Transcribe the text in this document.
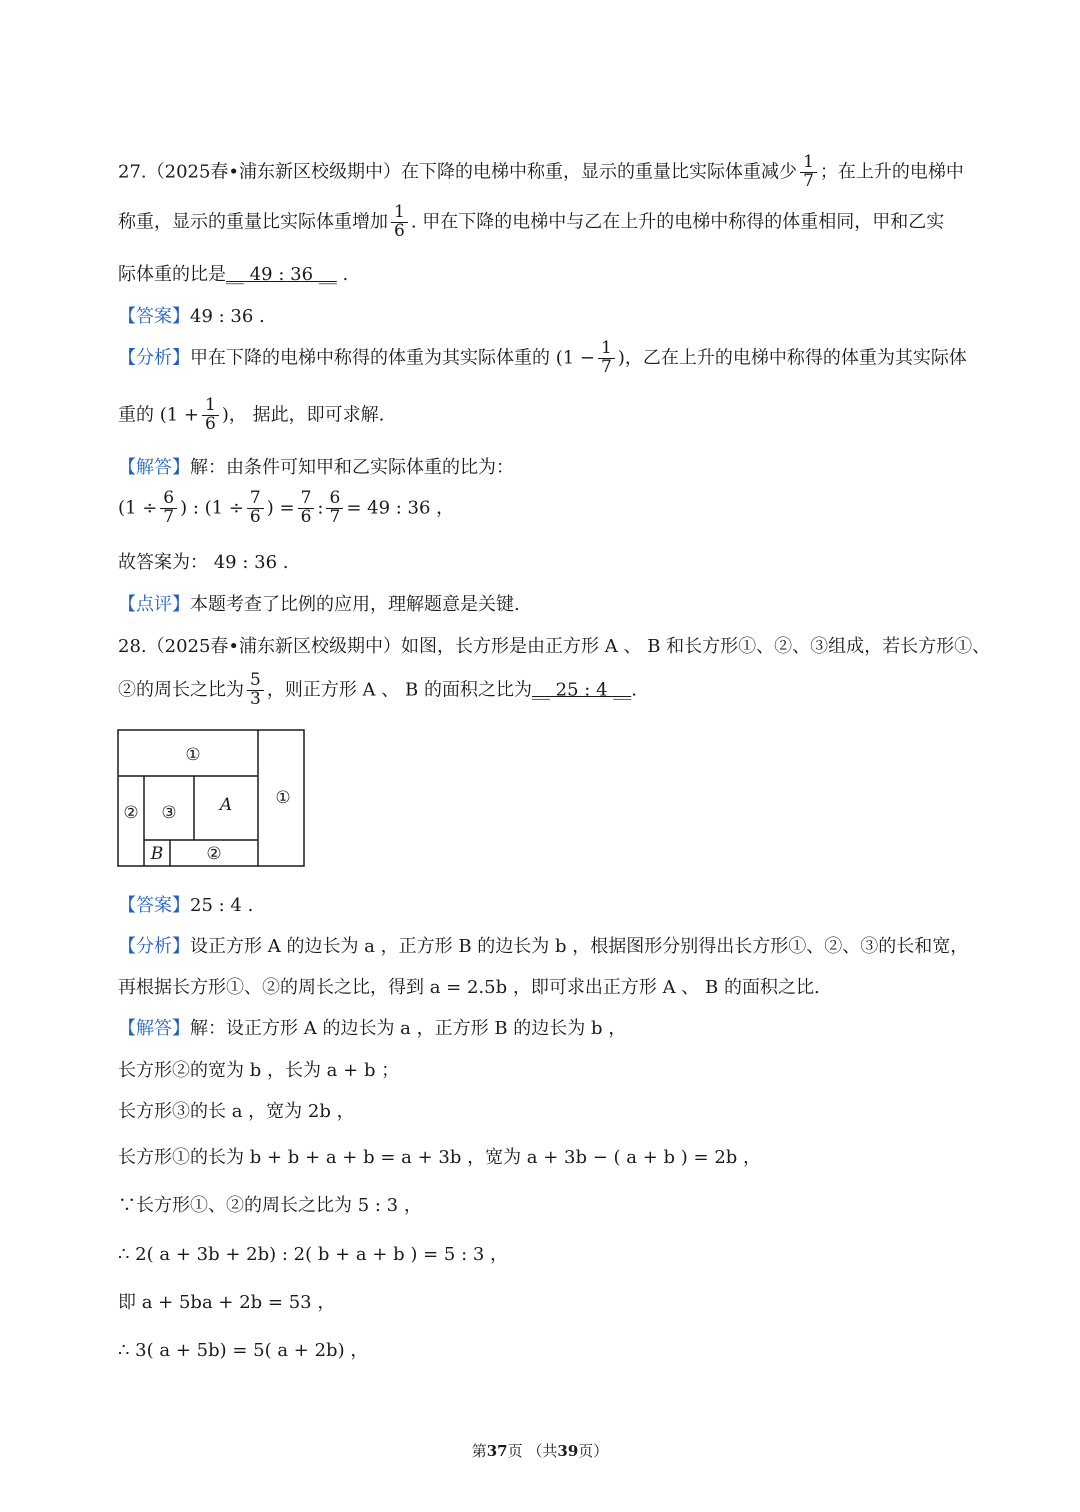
27.（2025春•浦东新区校级期中）在下降的电梯中称重，显示的重量比实际体重减少 $\frac{1}{7}$ ；在上升的电梯中
称重，显示的重量比实际体重增加 $\frac{1}{6}$ . 甲在下降的电梯中与乙在上升的电梯中称得的体重相同，甲和乙实
际体重的比是__ 49 : 36 __ .
【答案】49 : 36 .
【分析】甲在下降的电梯中称得的体重为其实际体重的 ($1 - \frac{1}{7}$ )，乙在上升的电梯中称得的体重为其实际体
重的 ($1 + \frac{1}{6}$ )， 据此，即可求解.
【解答】解：由条件可知甲和乙实际体重的比为：
($1 \div \frac{6}{7}$ ) : ($1 \div \frac{7}{6}$ ) = $\frac{7}{6}$ : $\frac{6}{7} = 49$ : 36 ，
故答案为： 49 : 36 .
【点评】本题考查了比例的应用，理解题意是关键.
28.（2025春•浦东新区校级期中）如图，长方形是由正方形 A 、 B 和长方形①、②、③组成，若长方形①、
②的周长之比为 $\frac{5}{3}$ ，则正方形 A 、 B 的面积之比为__ 25 : 4 __.
①
①
② ③	A
B	②
【答案】25 : 4 .
【分析】设正方形 A 的边长为 a ，正方形 B 的边长为 b ，根据图形分别得出长方形①、②、③的长和宽，
再根据长方形①、②的周长之比，得到 a = 2.5b ，即可求出正方形 A 、 B 的面积之比.
【解答】解：设正方形 A 的边长为 a ，正方形 B 的边长为 b ，
长方形②的宽为 b ，长为 a + b ；
长方形③的长 a ，宽为 2b ，
长方形①的长为 b + b + a + b = a + 3b ，宽为 a + 3b − ( a + b ) = 2b ，
∵长方形①、②的周长之比为 5 : 3 ，
∴ 2( a + 3b + 2b) : 2( b + a + b ) = 5 : 3 ，
即 a + 5ba + 2b = 53 ，
∴ 3( a + 5b) = 5( a + 2b) ，
第37页 （共39页）
